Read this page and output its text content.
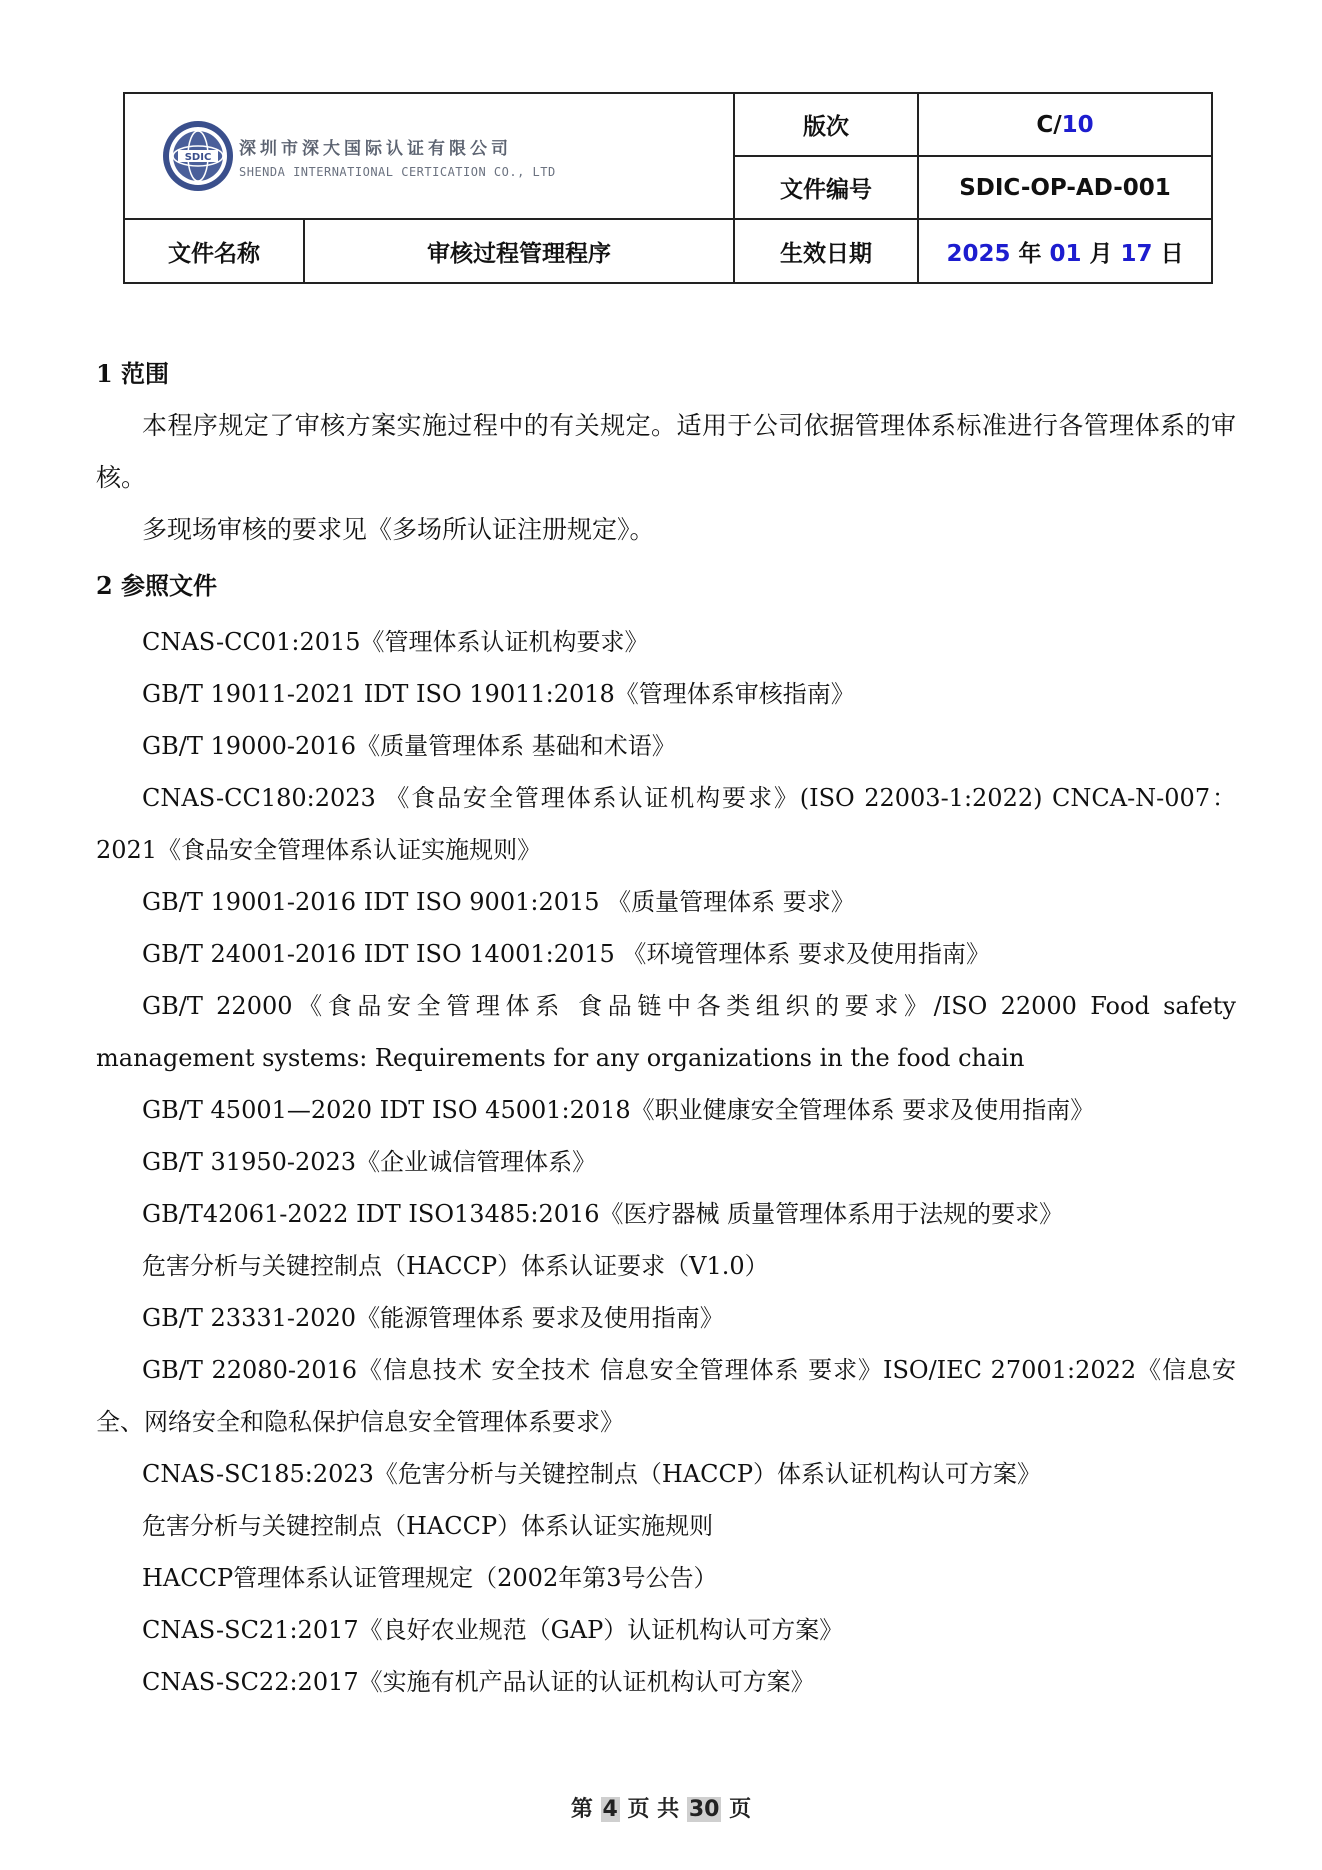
SDIC 深圳市深大国际认证有限公司
SHENDA INTERNATIONAL CERTICATION CO., LTD		版次	C/10
		文件编号	SDIC-OP-AD-001
文件名称	审核过程管理程序	生效日期	2025 年 01 月 17 日
1 范围

本程序规定了审核方案实施过程中的有关规定。适用于公司依据管理体系标准进行各管理体系的审核。

多现场审核的要求见《多场所认证注册规定》。

2 参照文件

CNAS-CC01:2015《管理体系认证机构要求》

GB/T 19011-2021 IDT ISO 19011:2018《管理体系审核指南》

GB/T 19000-2016《质量管理体系 基础和术语》

CNAS-CC180:2023 《食品安全管理体系认证机构要求》(ISO 22003-1:2022) CNCA-N-007：2021《食品安全管理体系认证实施规则》

GB/T 19001-2016 IDT ISO 9001:2015 《质量管理体系 要求》

GB/T 24001-2016 IDT ISO 14001:2015 《环境管理体系 要求及使用指南》

GB/T 22000《食品安全管理体系 食品链中各类组织的要求》/ISO 22000 Food safety management systems: Requirements for any organizations in the food chain

GB/T 45001—2020 IDT ISO 45001:2018《职业健康安全管理体系 要求及使用指南》

GB/T 31950-2023《企业诚信管理体系》

GB/T42061-2022 IDT ISO13485:2016《医疗器械 质量管理体系用于法规的要求》

危害分析与关键控制点（HACCP）体系认证要求（V1.0）

GB/T 23331-2020《能源管理体系 要求及使用指南》

GB/T 22080-2016《信息技术 安全技术 信息安全管理体系 要求》ISO/IEC 27001:2022《信息安全、网络安全和隐私保护信息安全管理体系要求》

CNAS-SC185:2023《危害分析与关键控制点（HACCP）体系认证机构认可方案》

危害分析与关键控制点（HACCP）体系认证实施规则

HACCP管理体系认证管理规定（2002年第3号公告）

CNAS-SC21:2017《良好农业规范（GAP）认证机构认可方案》

CNAS-SC22:2017《实施有机产品认证的认证机构认可方案》

第 4 页 共 30 页
